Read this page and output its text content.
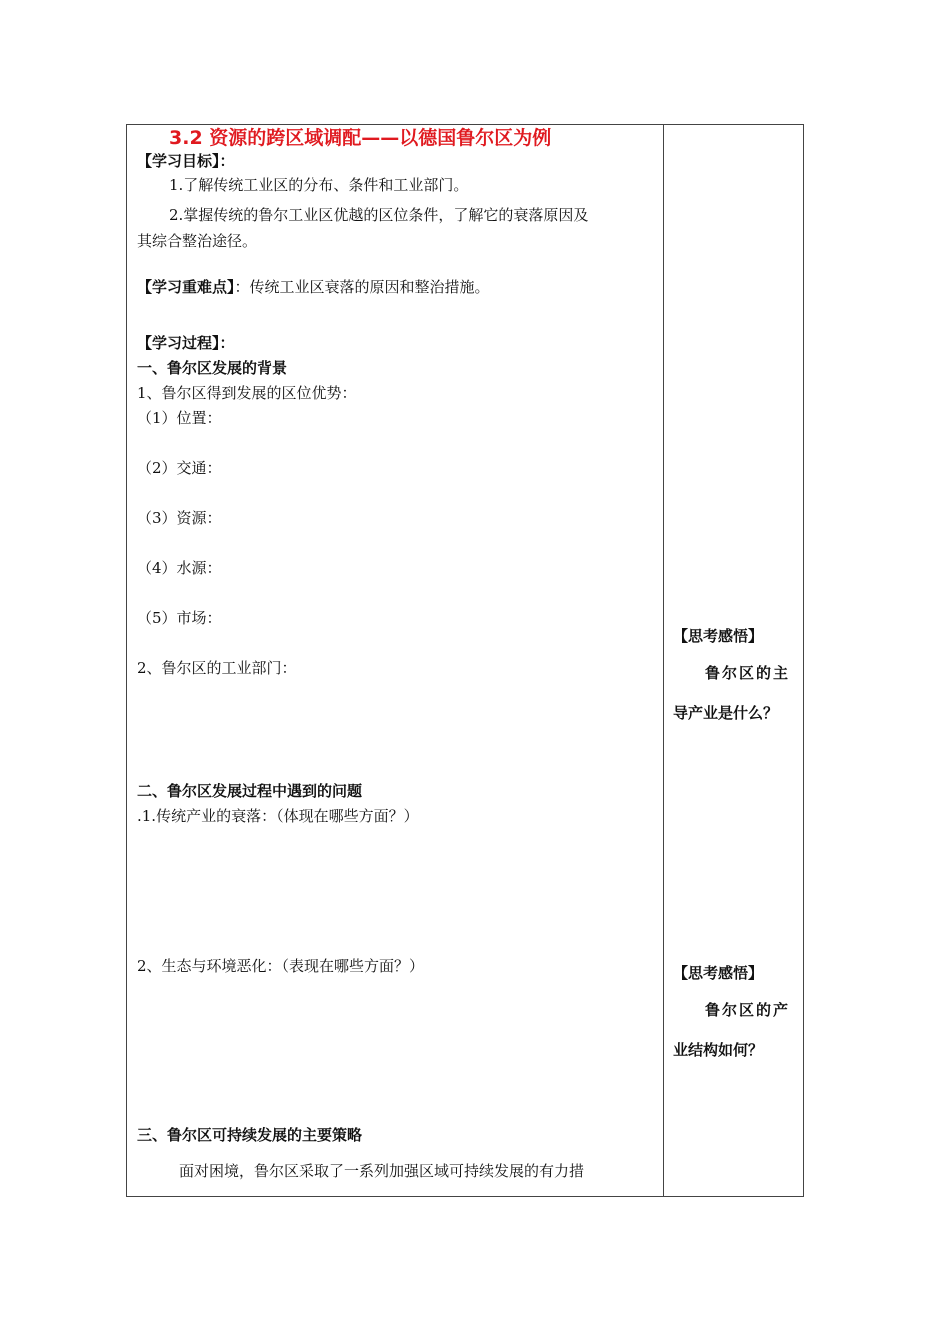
3.2 资源的跨区域调配——以德国鲁尔区为例
【学习目标】：
1.了解传统工业区的分布、条件和工业部门。
2.掌握传统的鲁尔工业区优越的区位条件，了解它的衰落原因及
其综合整治途径。
【学习重难点】：传统工业区衰落的原因和整治措施。
【学习过程】：
一、鲁尔区发展的背景
1、鲁尔区得到发展的区位优势：
（1）位置：
（2）交通：
（3）资源：
（4）水源：
（5）市场：
2、鲁尔区的工业部门：
二、鲁尔区发展过程中遇到的问题
.1.传统产业的衰落：（体现在哪些方面？）
2、生态与环境恶化：（表现在哪些方面？）
三、鲁尔区可持续发展的主要策略
面对困境，鲁尔区采取了一系列加强区域可持续发展的有力措
【思考感悟】
鲁尔区的主
导产业是什么？
【思考感悟】
鲁尔区的产
业结构如何？
